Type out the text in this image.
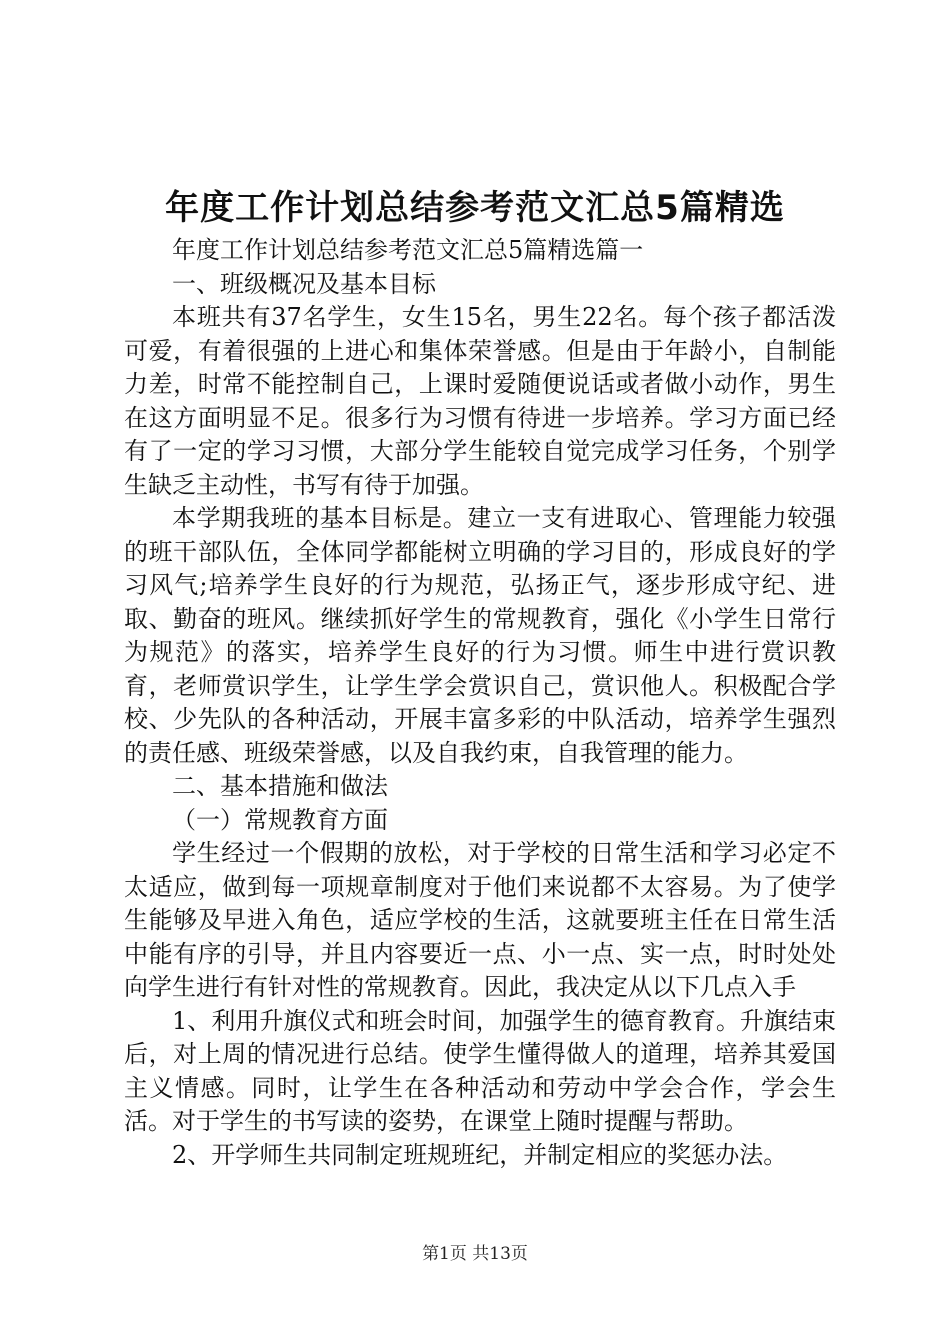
年度工作计划总结参考范文汇总5篇精选

年度工作计划总结参考范文汇总5篇精选篇一

一、班级概况及基本目标

本班共有37名学生，女生15名，男生22名。每个孩子都活泼可爱，有着很强的上进心和集体荣誉感。但是由于年龄小，自制能力差，时常不能控制自己，上课时爱随便说话或者做小动作，男生在这方面明显不足。很多行为习惯有待进一步培养。学习方面已经有了一定的学习习惯，大部分学生能较自觉完成学习任务，个别学生缺乏主动性，书写有待于加强。

本学期我班的基本目标是。建立一支有进取心、管理能力较强的班干部队伍，全体同学都能树立明确的学习目的，形成良好的学习风气;培养学生良好的行为规范，弘扬正气，逐步形成守纪、进取、勤奋的班风。继续抓好学生的常规教育，强化《小学生日常行为规范》的落实，培养学生良好的行为习惯。师生中进行赏识教育，老师赏识学生，让学生学会赏识自己，赏识他人。积极配合学校、少先队的各种活动，开展丰富多彩的中队活动，培养学生强烈的责任感、班级荣誉感，以及自我约束，自我管理的能力。

二、基本措施和做法

（一）常规教育方面

学生经过一个假期的放松，对于学校的日常生活和学习必定不太适应，做到每一项规章制度对于他们来说都不太容易。为了使学生能够及早进入角色，适应学校的生活，这就要班主任在日常生活中能有序的引导，并且内容要近一点、小一点、实一点，时时处处向学生进行有针对性的常规教育。因此，我决定从以下几点入手

1、利用升旗仪式和班会时间，加强学生的德育教育。升旗结束后，对上周的情况进行总结。使学生懂得做人的道理，培养其爱国主义情感。同时，让学生在各种活动和劳动中学会合作，学会生活。对于学生的书写读的姿势，在课堂上随时提醒与帮助。

2、开学师生共同制定班规班纪，并制定相应的奖惩办法。

第1页 共13页
